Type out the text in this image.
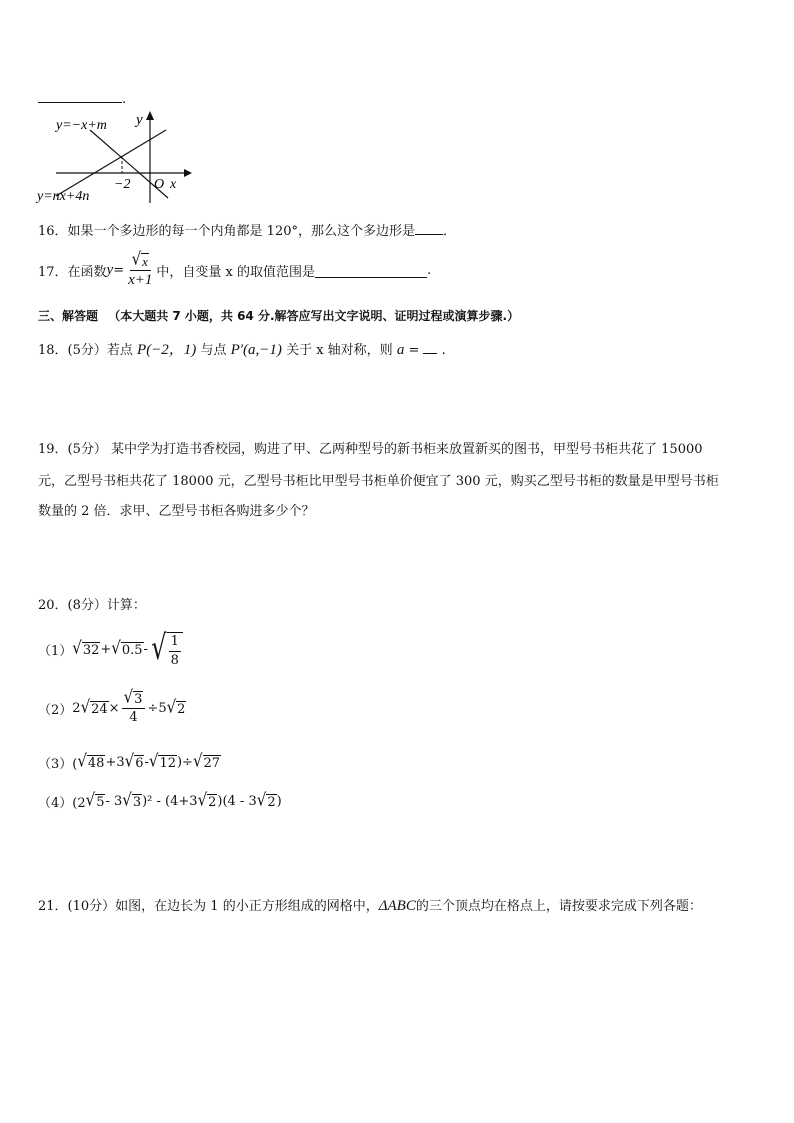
.
y=−x+m y
−2 O x
y=nx+4n
16．如果一个多边形的每一个内角都是 120°，那么这个多边形是 ．
17．在函数 $y = \frac{√ x}{x+1}$ 中，自变量 x 的取值范围是	.
三、解答题 （本大题共 7 小题，共 64 分.解答应写出文字说明、证明过程或演算步骤.）
18．(5分）若点 P(−2，1) 与点 P′(a,−1) 关于 x 轴对称，则 a =  .
19．(5分） 某中学为打造书香校园，购进了甲、乙两种型号的新书柜来放置新买的图书，甲型号书柜共花了 15000
元，乙型号书柜共花了 18000 元，乙型号书柜比甲型号书柜单价便宜了 300 元，购买乙型号书柜的数量是甲型号书柜
数量的 2 倍．求甲、乙型号书柜各购进多少个？
20．(8分）计算：
（1） √ 32 + √ 0.5 - √ $\frac{1}{8}$
（2） 2 √ $24 \times \frac{√ 3}{4} \div 5$ √ 2
（3）( √ 48 +3 √ 6 - √ 12 )÷ √ 27
（4）(2 √ 5 - 3 √ 3 )² - (4+3 √ 2 )(4 - 3 √ 2 )
21．(10分）如图，在边长为 1 的小正方形组成的网格中，ΔABC的三个顶点均在格点上，请按要求完成下列各题：
